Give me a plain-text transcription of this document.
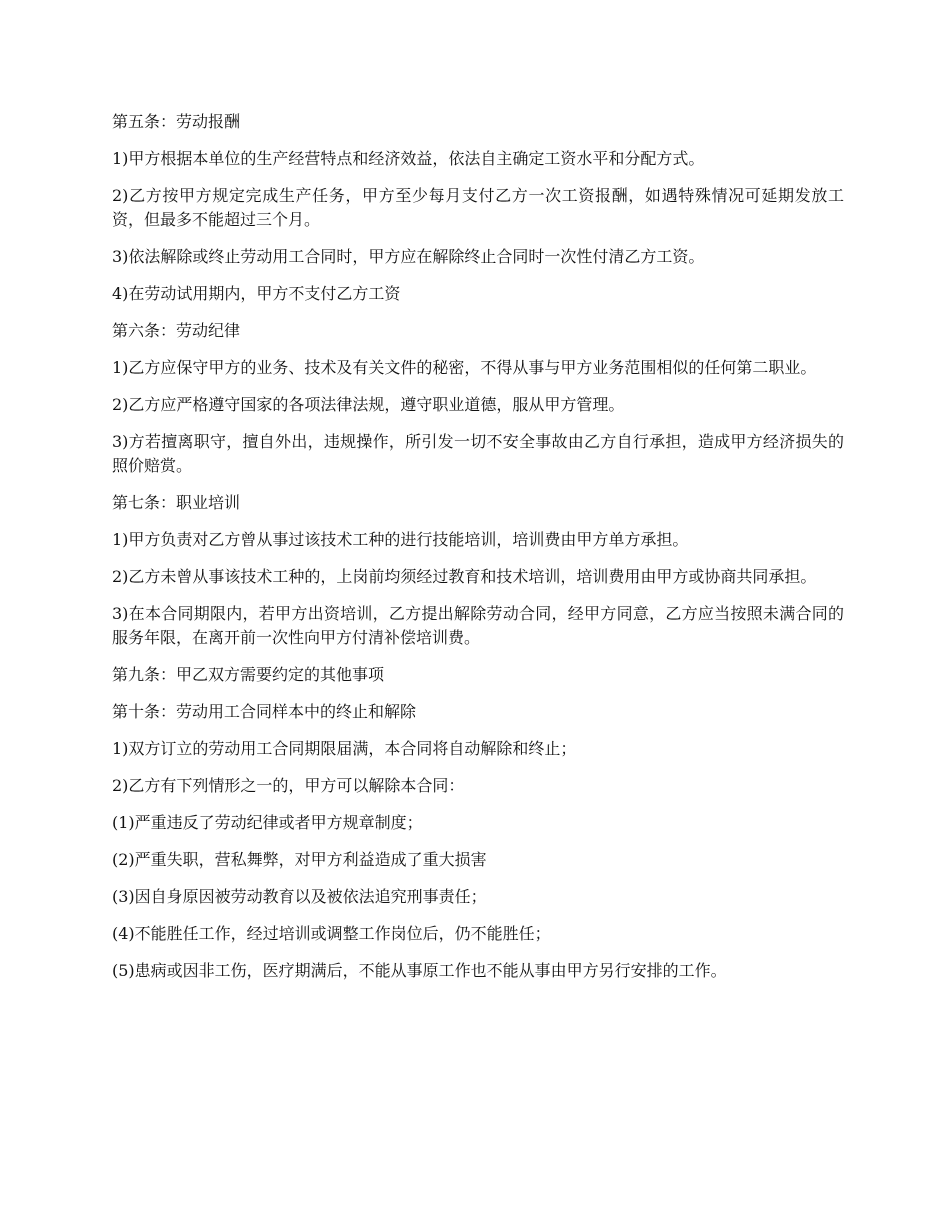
第五条：劳动报酬

1)甲方根据本单位的生产经营特点和经济效益，依法自主确定工资水平和分配方式。

2)乙方按甲方规定完成生产任务，甲方至少每月支付乙方一次工资报酬，如遇特殊情况可延期发放工资，但最多不能超过三个月。

3)依法解除或终止劳动用工合同时，甲方应在解除终止合同时一次性付清乙方工资。

4)在劳动试用期内，甲方不支付乙方工资

第六条：劳动纪律

1)乙方应保守甲方的业务、技术及有关文件的秘密，不得从事与甲方业务范围相似的任何第二职业。

2)乙方应严格遵守国家的各项法律法规，遵守职业道德，服从甲方管理。

3)方若擅离职守，擅自外出，违规操作，所引发一切不安全事故由乙方自行承担，造成甲方经济损失的照价赔赏。

第七条：职业培训

1)甲方负责对乙方曾从事过该技术工种的进行技能培训，培训费由甲方单方承担。

2)乙方未曾从事该技术工种的，上岗前均须经过教育和技术培训，培训费用由甲方或协商共同承担。

3)在本合同期限内，若甲方出资培训，乙方提出解除劳动合同，经甲方同意，乙方应当按照未满合同的服务年限，在离开前一次性向甲方付清补偿培训费。

第九条：甲乙双方需要约定的其他事项

第十条：劳动用工合同样本中的终止和解除

1)双方订立的劳动用工合同期限届满，本合同将自动解除和终止；

2)乙方有下列情形之一的，甲方可以解除本合同：

(1)严重违反了劳动纪律或者甲方规章制度；

(2)严重失职，营私舞弊，对甲方利益造成了重大损害

(3)因自身原因被劳动教育以及被依法追究刑事责任；

(4)不能胜任工作，经过培训或调整工作岗位后，仍不能胜任；

(5)患病或因非工伤，医疗期满后，不能从事原工作也不能从事由甲方另行安排的工作。
